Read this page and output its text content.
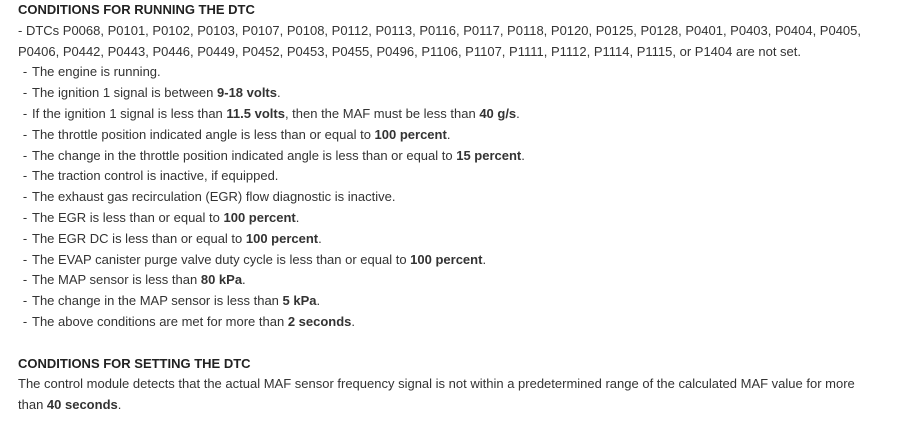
CONDITIONS FOR RUNNING THE DTC
- DTCs P0068, P0101, P0102, P0103, P0107, P0108, P0112, P0113, P0116, P0117, P0118, P0120, P0125, P0128, P0401, P0403, P0404, P0405, P0406, P0442, P0443, P0446, P0449, P0452, P0453, P0455, P0496, P1106, P1107, P1111, P1112, P1114, P1115, or P1404 are not set.
- The engine is running.
- The ignition 1 signal is between 9-18 volts.
- If the ignition 1 signal is less than 11.5 volts, then the MAF must be less than 40 g/s.
- The throttle position indicated angle is less than or equal to 100 percent.
- The change in the throttle position indicated angle is less than or equal to 15 percent.
- The traction control is inactive, if equipped.
- The exhaust gas recirculation (EGR) flow diagnostic is inactive.
- The EGR is less than or equal to 100 percent.
- The EGR DC is less than or equal to 100 percent.
- The EVAP canister purge valve duty cycle is less than or equal to 100 percent.
- The MAP sensor is less than 80 kPa.
- The change in the MAP sensor is less than 5 kPa.
- The above conditions are met for more than 2 seconds.
CONDITIONS FOR SETTING THE DTC
The control module detects that the actual MAF sensor frequency signal is not within a predetermined range of the calculated MAF value for more than 40 seconds.
